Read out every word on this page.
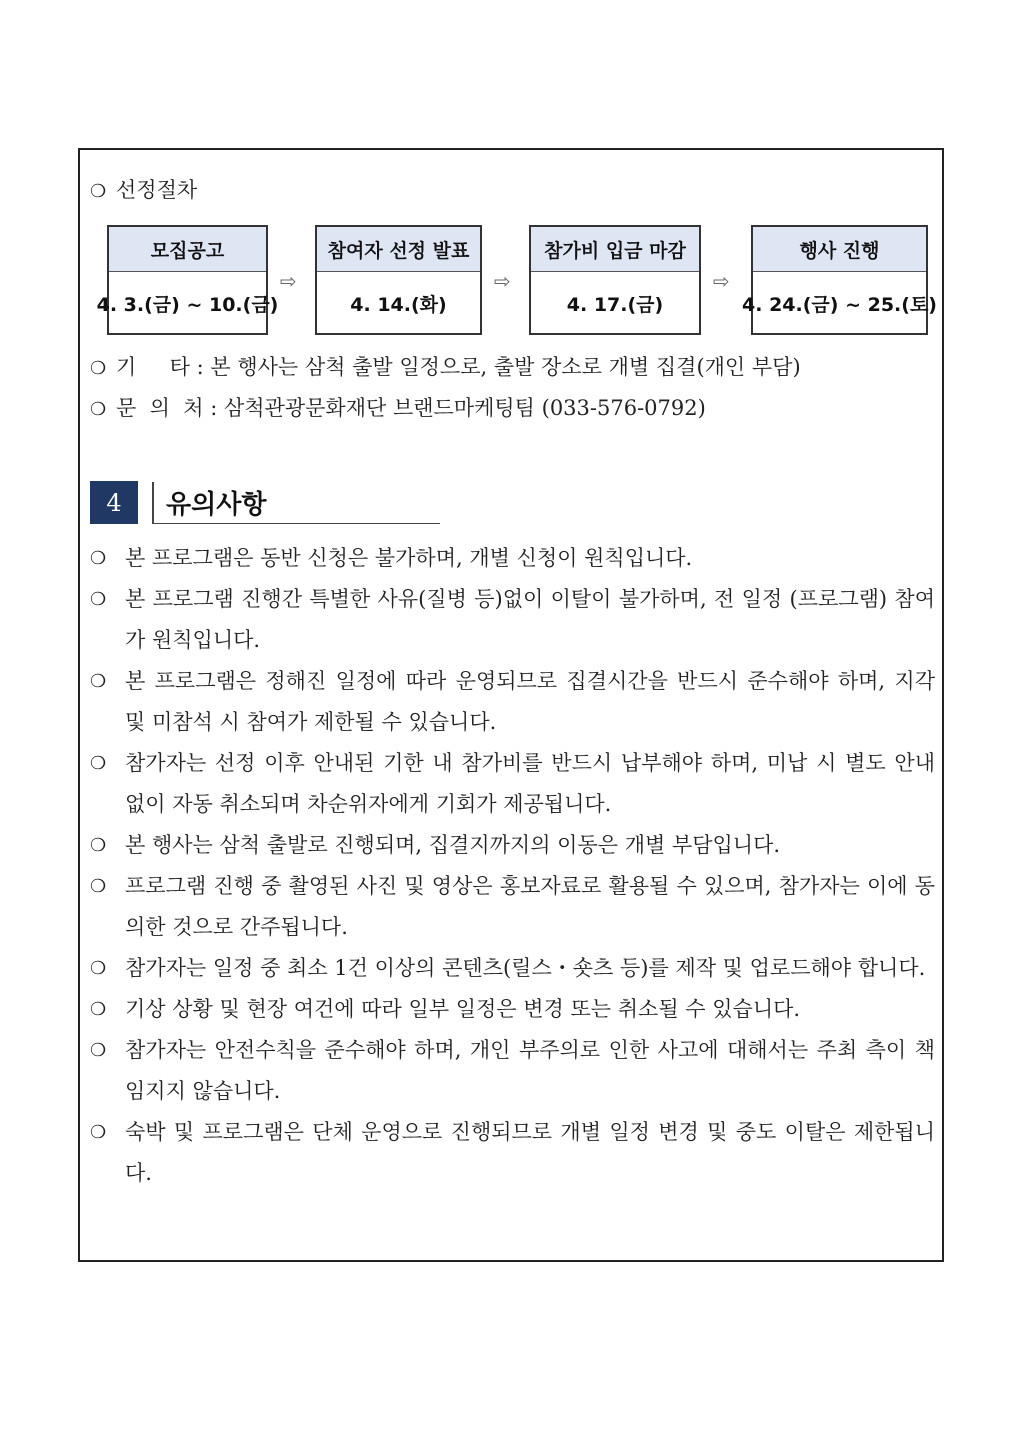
❍ 선정절차
모집공고
4. 3.(금) ~ 10.(금)
⇨
참여자 선정 발표
4. 14.(화)
⇨
참가비 입금 마감
4. 17.(금)
⇨
행사 진행
4. 24.(금) ~ 25.(토)
❍ 기     타 : 본 행사는 삼척 출발 일정으로, 출발 장소로 개별 집결(개인 부담)
❍ 문  의  처 : 삼척관광문화재단 브랜드마케팅팀 (033-576-0792)
4	유의사항
❍ 본 프로그램은 동반 신청은 불가하며, 개별 신청이 원칙입니다.
❍ 본 프로그램 진행간 특별한 사유(질병 등)없이 이탈이 불가하며, 전 일정 (프로그램) 참여가 원칙입니다.
❍ 본 프로그램은 정해진 일정에 따라 운영되므로 집결시간을 반드시 준수해야 하며, 지각 및 미참석 시 참여가 제한될 수 있습니다.
❍ 참가자는 선정 이후 안내된 기한 내 참가비를 반드시 납부해야 하며, 미납 시 별도 안내 없이 자동 취소되며 차순위자에게 기회가 제공됩니다.
❍ 본 행사는 삼척 출발로 진행되며, 집결지까지의 이동은 개별 부담입니다.
❍ 프로그램 진행 중 촬영된 사진 및 영상은 홍보자료로 활용될 수 있으며, 참가자는 이에 동의한 것으로 간주됩니다.
❍ 참가자는 일정 중 최소 1건 이상의 콘텐츠(릴스・숏츠 등)를 제작 및 업로드해야 합니다.
❍ 기상 상황 및 현장 여건에 따라 일부 일정은 변경 또는 취소될 수 있습니다.
❍ 참가자는 안전수칙을 준수해야 하며, 개인 부주의로 인한 사고에 대해서는 주최 측이 책임지지 않습니다.
❍ 숙박 및 프로그램은 단체 운영으로 진행되므로 개별 일정 변경 및 중도 이탈은 제한됩니다.
